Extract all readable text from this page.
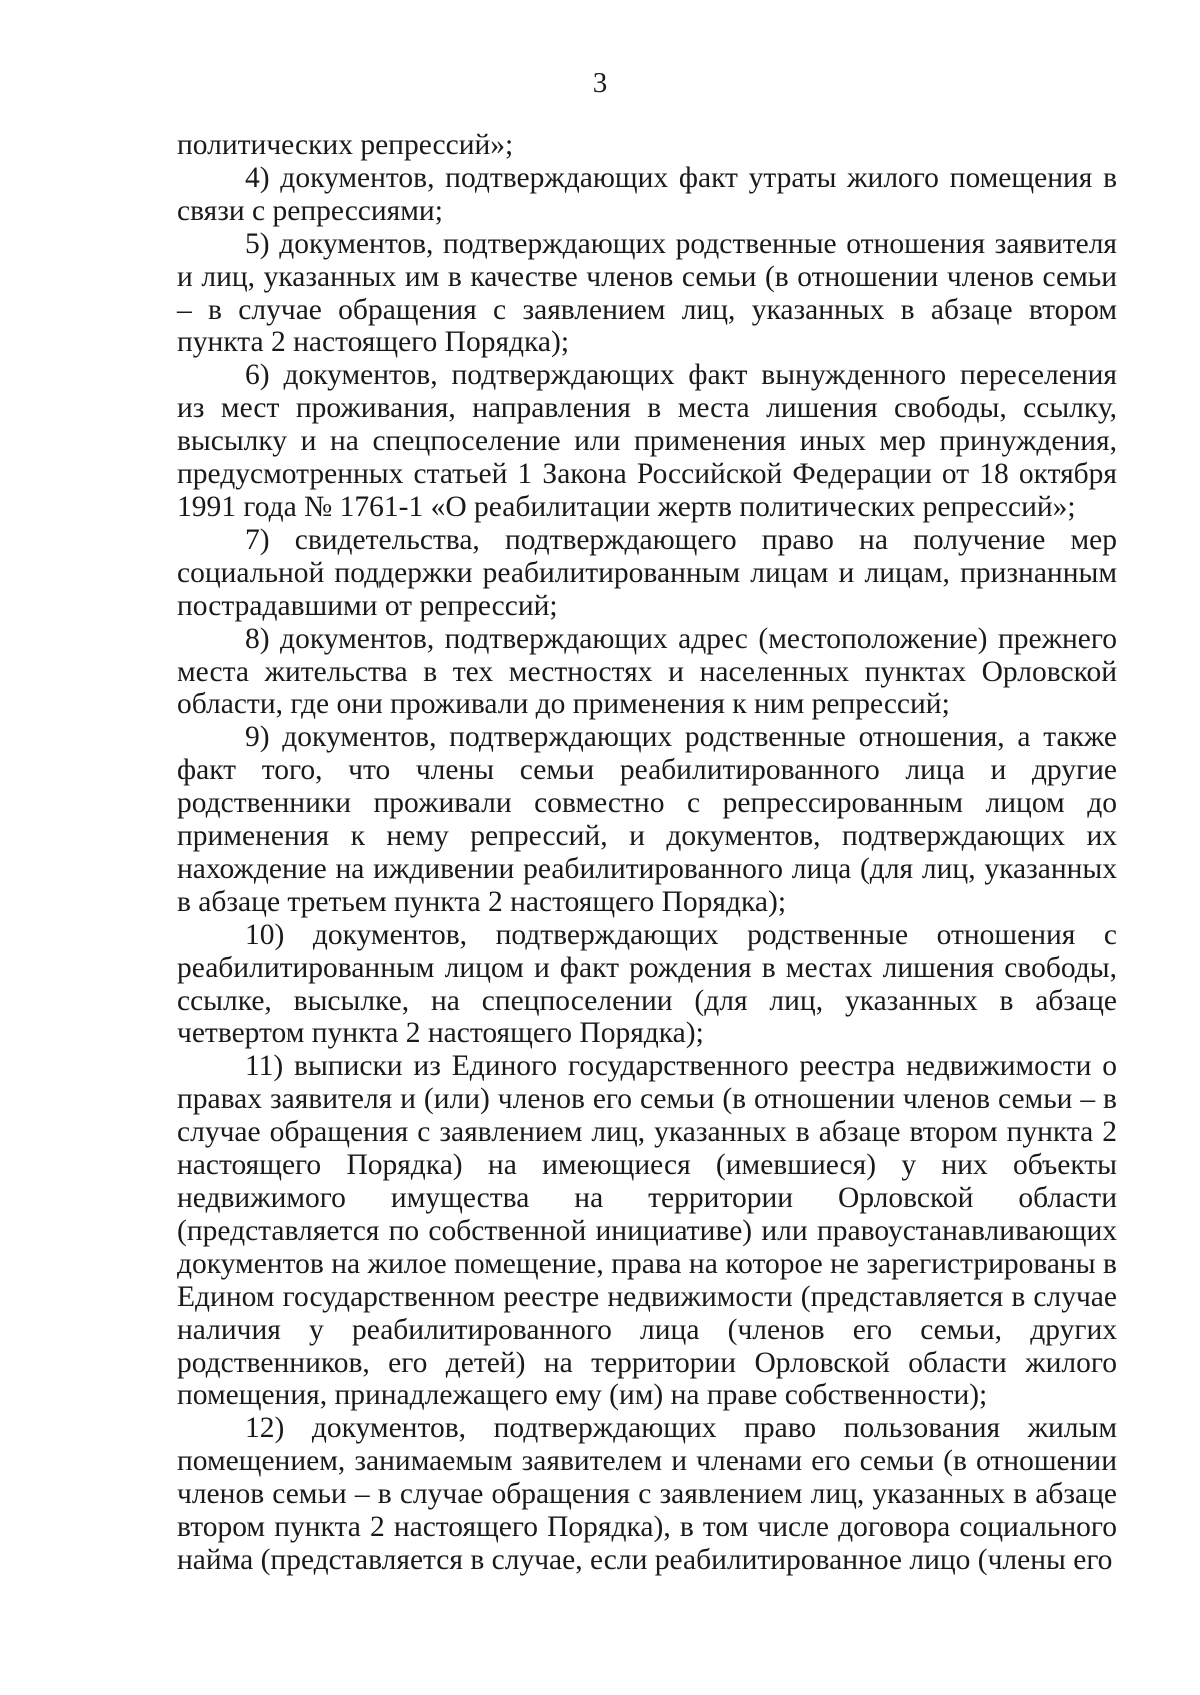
3

политических репрессий»;

4) документов, подтверждающих факт утраты жилого помещения в связи с репрессиями;

5) документов, подтверждающих родственные отношения заявителя и лиц, указанных им в качестве членов семьи (в отношении членов семьи – в случае обращения с заявлением лиц, указанных в абзаце втором пункта 2 настоящего Порядка);

6) документов, подтверждающих факт вынужденного переселения из мест проживания, направления в места лишения свободы, ссылку, высылку и на спецпоселение или применения иных мер принуждения, предусмотренных статьей 1 Закона Российской Федерации от 18 октября 1991 года № 1761-1 «О реабилитации жертв политических репрессий»;

7) свидетельства, подтверждающего право на получение мер социальной поддержки реабилитированным лицам и лицам, признанным пострадавшими от репрессий;

8) документов, подтверждающих адрес (местоположение) прежнего места жительства в тех местностях и населенных пунктах Орловской области, где они проживали до применения к ним репрессий;

9) документов, подтверждающих родственные отношения, а также факт того, что члены семьи реабилитированного лица и другие родственники проживали совместно с репрессированным лицом до применения к нему репрессий, и документов, подтверждающих их нахождение на иждивении реабилитированного лица (для лиц, указанных в абзаце третьем пункта 2 настоящего Порядка);

10) документов, подтверждающих родственные отношения с реабилитированным лицом и факт рождения в местах лишения свободы, ссылке, высылке, на спецпоселении (для лиц, указанных в абзаце четвертом пункта 2 настоящего Порядка);

11) выписки из Единого государственного реестра недвижимости о правах заявителя и (или) членов его семьи (в отношении членов семьи – в случае обращения с заявлением лиц, указанных в абзаце втором пункта 2 настоящего Порядка) на имеющиеся (имевшиеся) у них объекты недвижимого имущества на территории Орловской области (представляется по собственной инициативе) или правоустанавливающих документов на жилое помещение, права на которое не зарегистрированы в Едином государственном реестре недвижимости (представляется в случае наличия у реабилитированного лица (членов его семьи, других родственников, его детей) на территории Орловской области жилого помещения, принадлежащего ему (им) на праве собственности);

12) документов, подтверждающих право пользования жилым помещением, занимаемым заявителем и членами его семьи (в отношении членов семьи – в случае обращения с заявлением лиц, указанных в абзаце втором пункта 2 настоящего Порядка), в том числе договора социального найма (представляется в случае, если реабилитированное лицо (члены его
